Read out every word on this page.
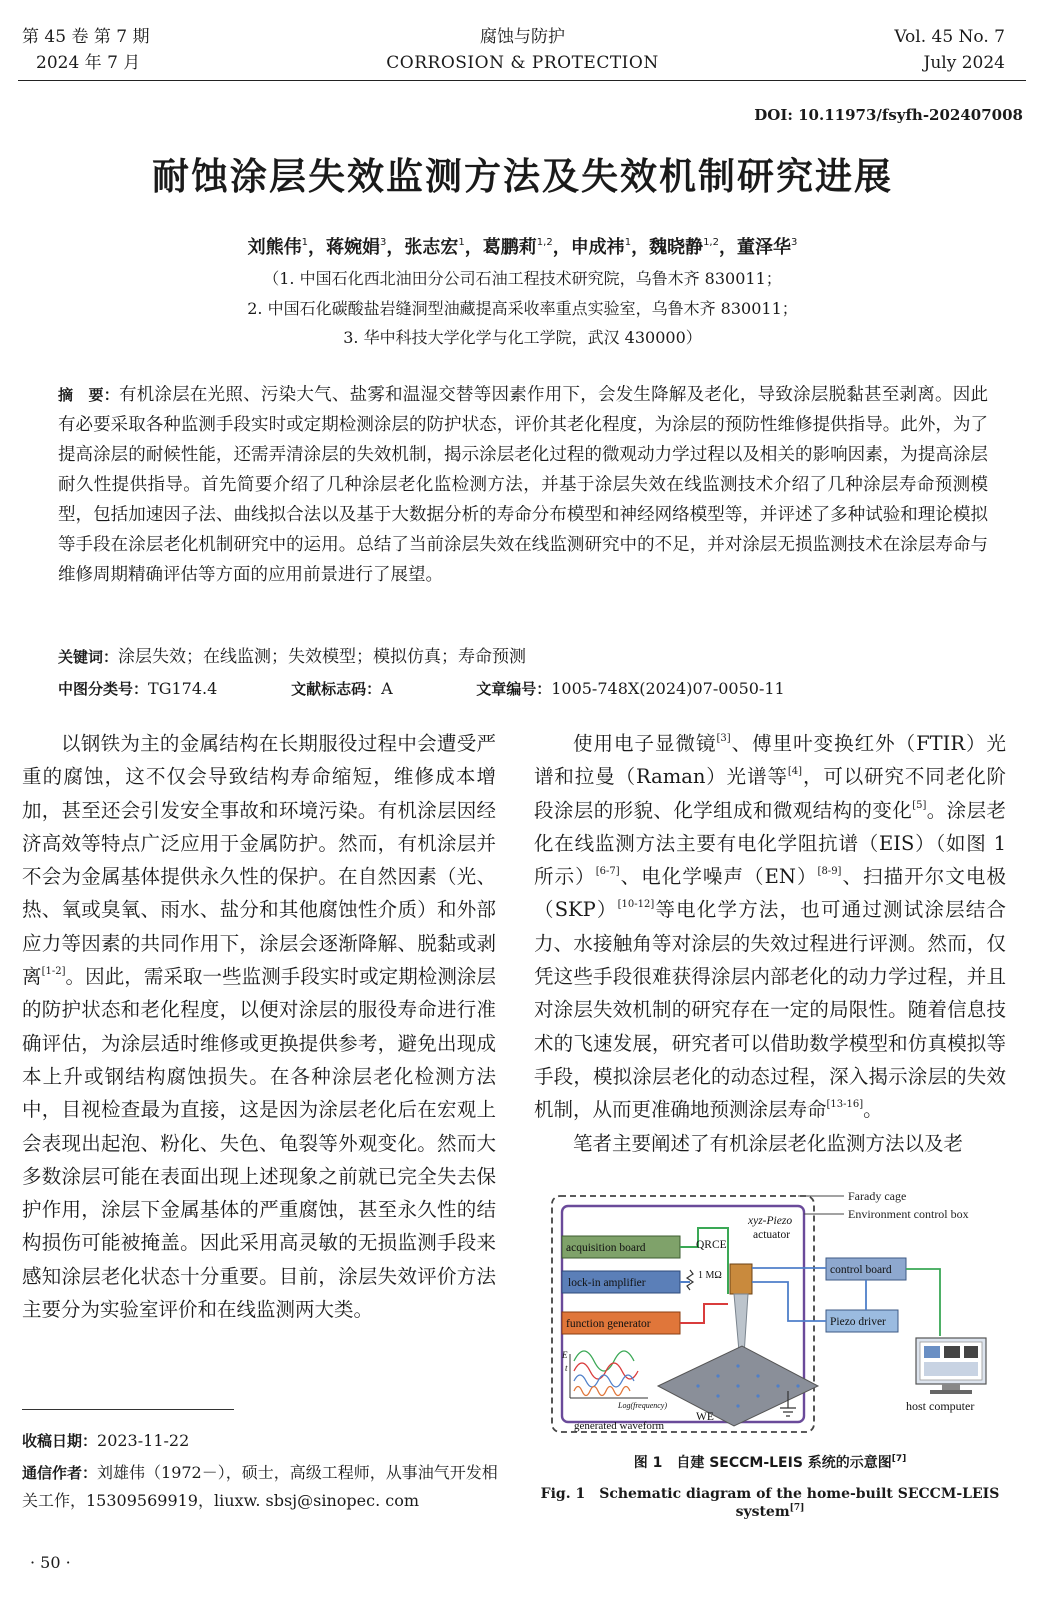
第 45 卷 第 7 期
2024 年 7 月
腐蚀与防护
CORROSION & PROTECTION
Vol. 45 No. 7
July 2024
DOI: 10.11973/fsyfh-202407008
耐蚀涂层失效监测方法及失效机制研究进展
刘熊伟$^1$，蒋婉娟$^3$，张志宏$^1$，葛鹏莉$^{1,2}$，申成祎$^1$，魏晓静$^{1,2}$，董泽华$^3$
（1. 中国石化西北油田分公司石油工程技术研究院，乌鲁木齐 830011；
2. 中国石化碳酸盐岩缝洞型油藏提高采收率重点实验室，乌鲁木齐 830011；
3. 华中科技大学化学与化工学院，武汉 430000）
摘　要：有机涂层在光照、污染大气、盐雾和温湿交替等因素作用下，会发生降解及老化，导致涂层脱黏甚至剥离。因此有必要采取各种监测手段实时或定期检测涂层的防护状态，评价其老化程度，为涂层的预防性维修提供指导。此外，为了提高涂层的耐候性能，还需弄清涂层的失效机制，揭示涂层老化过程的微观动力学过程以及相关的影响因素，为提高涂层耐久性提供指导。首先简要介绍了几种涂层老化监检测方法，并基于涂层失效在线监测技术介绍了几种涂层寿命预测模型，包括加速因子法、曲线拟合法以及基于大数据分析的寿命分布模型和神经网络模型等，并评述了多种试验和理论模拟等手段在涂层老化机制研究中的运用。总结了当前涂层失效在线监测研究中的不足，并对涂层无损监测技术在涂层寿命与维修周期精确评估等方面的应用前景进行了展望。
关键词：涂层失效；在线监测；失效模型；模拟仿真；寿命预测
中图分类号：TG174.4	文献标志码：A	文章编号：1005-748X(2024)07-0050-11

以钢铁为主的金属结构在长期服役过程中会遭受严重的腐蚀，这不仅会导致结构寿命缩短，维修成本增加，甚至还会引发安全事故和环境污染。有机涂层因经济高效等特点广泛应用于金属防护。然而，有机涂层并不会为金属基体提供永久性的保护。在自然因素（光、热、氧或臭氧、雨水、盐分和其他腐蚀性介质）和外部应力等因素的共同作用下，涂层会逐渐降解、脱黏或剥离[1-2]。因此，需采取一些监测手段实时或定期检测涂层的防护状态和老化程度，以便对涂层的服役寿命进行准确评估，为涂层适时维修或更换提供参考，避免出现成本上升或钢结构腐蚀损失。在各种涂层老化检测方法中，目视检查最为直接，这是因为涂层老化后在宏观上会表现出起泡、粉化、失色、龟裂等外观变化。然而大多数涂层可能在表面出现上述现象之前就已完全失去保护作用，涂层下金属基体的严重腐蚀，甚至永久性的结构损伤可能被掩盖。因此采用高灵敏的无损监测手段来感知涂层老化状态十分重要。目前，涂层失效评价方法主要分为实验室评价和在线监测两大类。

使用电子显微镜[3]、傅里叶变换红外（FTIR）光谱和拉曼（Raman）光谱等[4]，可以研究不同老化阶段涂层的形貌、化学组成和微观结构的变化[5]。涂层老化在线监测方法主要有电化学阻抗谱（EIS）（如图 1 所示）[6-7]、电化学噪声（EN）[8-9]、扫描开尔文电极（SKP）[10-12]等电化学方法，也可通过测试涂层结合力、水接触角等对涂层的失效过程进行评测。然而，仅凭这些手段很难获得涂层内部老化的动力学过程，并且对涂层失效机制的研究存在一定的局限性。随着信息技术的飞速发展，研究者可以借助数学模型和仿真模拟等手段，模拟涂层老化的动态过程，深入揭示涂层的失效机制，从而更准确地预测涂层寿命[13-16]。

笔者主要阐述了有机涂层老化监测方法以及老

Farady cage
Environment control box
acquisition board
lock-in amplifier
function generator
QRCE
1 MΩ
xyz-Piezo
actuator
WE
t
E
Log(frequency)
generated waveform
control board
Piezo driver
host computer
图 1　自建 SECCM-LEIS 系统的示意图[7]
Fig. 1　Schematic diagram of the home-built SECCM-LEIS system[7]
收稿日期：2023-11-22
通信作者：刘雄伟（1972－），硕士，高级工程师，从事油气开发相关工作，15309569919，liuxw. sbsj@sinopec. com
· 50 ·
